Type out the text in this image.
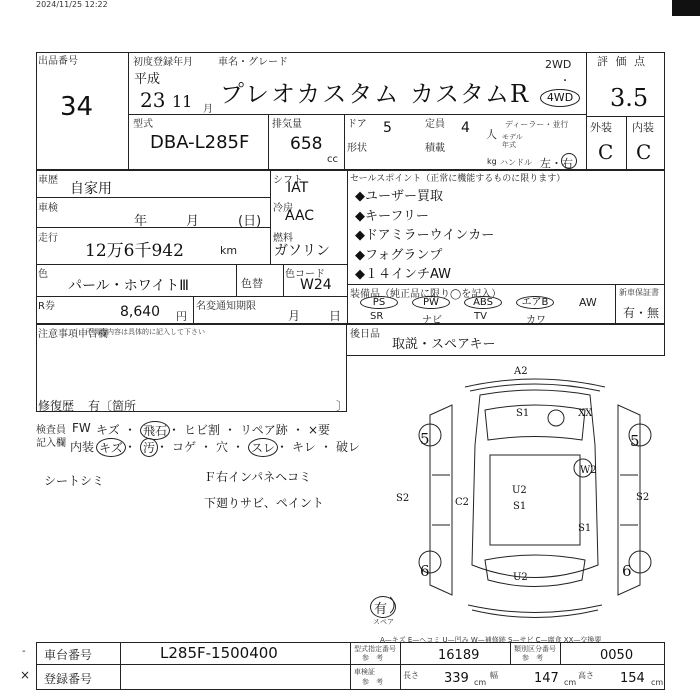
2024/11/25 12:22
出品番号
34
初度登録年月	車名・グレード
平成
23 11 月
プレオカスタム カスタムR
2WD
・
4WD
評 価 点
3.5
外装 内装
C C
型式
DBA-L285F
排気量
658
cc
ドア 5	定員 4 人
ディーラー・並行
モデル
年式
形状	積載
kg ハンドル 左・右
車歴
自家用
車検
年	月	(日)
走行
12万6千942	km
シフト
IAT
冷房
AAC
燃料
ガソリン
セールスポイント（正常に機能するものに限ります）
◆ユーザー買取
◆キーフリー
◆ドアミラーウインカー
◆フォグランプ
◆１４インチAW
色
パール・ホワイトⅢ	色替
色コード
W24
R券	8,640 円
名変通知期限
月 日
装備品（純正品に限り◯を記入）
PS
SR
PW
ナビ
ABS
TV
エアB
カワ
AW
新車保証書
有・無
注意事項申告欄
不具合内容は具体的に記入して下さい
修復歴 有〔箇所	〕
後日品
取説・スペアキー
検査員
記入欄
FW キズ ・ 飛石 ・ ヒビ割 ・ リペア跡 ・ ×要
内装 キズ ・ 汚 ・ コゲ ・ 穴 ・ スレ ・ キレ ・ 破レ
シートシミ	Ｆ右インパネヘコミ
下廻りサビ、ペイント
A2
S1	XX
5	5
W2
S2	C2
U2
S1
S1
S2
6	6
U2
有
スペア
A—キズ E—ヘコミ U—凹み W—補修跡 S—サビ C—腐食 XX—交換要
-
×
車台番号	L285F-1500400
登録番号
型式指定番号
参　考	16189	類別区分番号
参　考	0050
車検証
参　考
長さ 339 cm
幅	147 cm
高さ 154 cm
